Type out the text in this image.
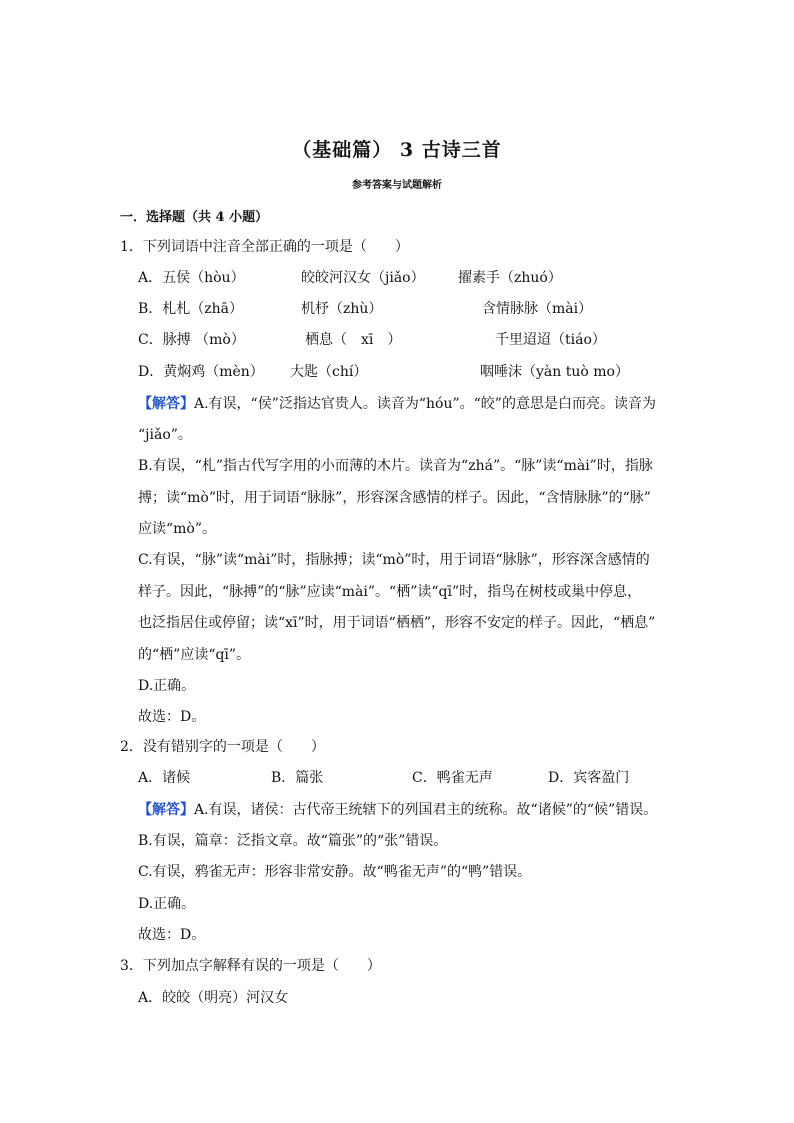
（基础篇） 3 古诗三首
参考答案与试题解析
一．选择题（共 4 小题）
1．下列词语中注音全部正确的一项是（　　）
A．五侯（hòu）	皎皎河汉女（jiǎo） 擢素手（zhuó）
B．札札（zhā）	机杼（zhù）	含情脉脉（mài）
C．脉搏 （mò）	栖息（　xī　）	千里迢迢（tiáo）
D．黄焖鸡（mèn） 大匙（chí）	咽唾沫（yàn tuò mo）
【解答】A.有误，“侯”泛指达官贵人。读音为“hóu”。“皎”的意思是白而亮。读音为
“jiǎo”。
B.有误，“札”指古代写字用的小而薄的木片。读音为“zhá”。“脉”读“mài”时，指脉
搏；读“mò”时，用于词语“脉脉”，形容深含感情的样子。因此，“含情脉脉”的“脉”
应读“mò”。
C.有误，“脉”读“mài”时，指脉搏；读“mò”时，用于词语“脉脉”，形容深含感情的
样子。因此，“脉搏”的“脉”应读“mài”。“栖”读“qī”时，指鸟在树枝或巢中停息，
也泛指居住或停留；读“xī”时，用于词语“栖栖”，形容不安定的样子。因此，“栖息”
的“栖”应读“qī”。
D.正确。
故选：D。
2．没有错别字的一项是（　　）
A．诸候	B．篇张	C．鸭雀无声	D．宾客盈门
【解答】A.有误，诸侯：古代帝王统辖下的列国君主的统称。故“诸候”的“候”错误。
B.有误，篇章：泛指文章。故“篇张”的“张”错误。
C.有误，鸦雀无声：形容非常安静。故“鸭雀无声”的“鸭”错误。
D.正确。
故选：D。
3．下列加点字解释有误的一项是（　　）
A．皎皎（明亮）河汉女
